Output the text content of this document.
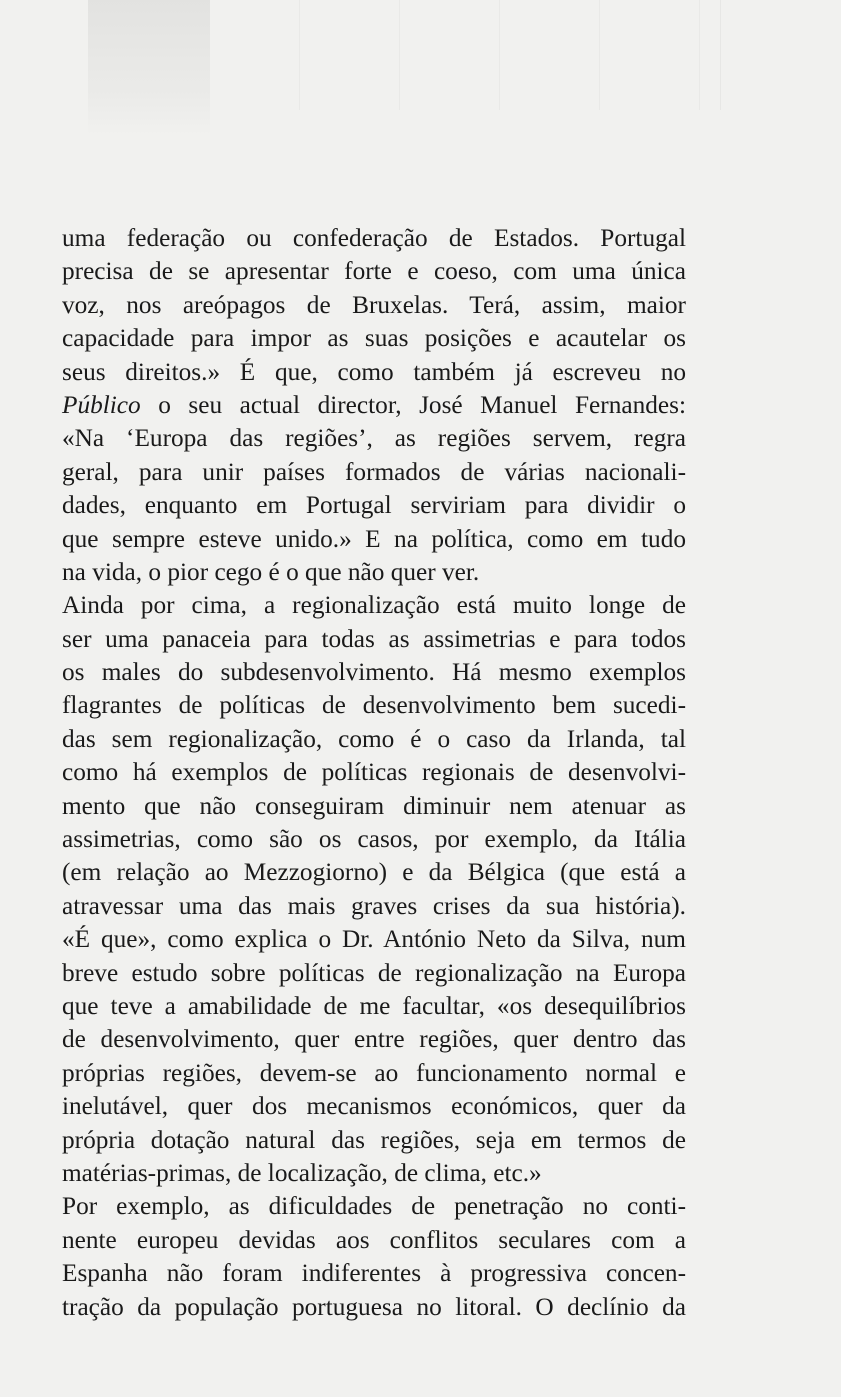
uma federação ou confederação de Estados. Portugal
precisa de se apresentar forte e coeso, com uma única
voz, nos areópagos de Bruxelas. Terá, assim, maior
capacidade para impor as suas posições e acautelar os
seus direitos.» É que, como também já escreveu no
Público o seu actual director, José Manuel Fernandes:
«Na ‘Europa das regiões’, as regiões servem, regra
geral, para unir países formados de várias nacionali-
dades, enquanto em Portugal serviriam para dividir o
que sempre esteve unido.» E na política, como em tudo
na vida, o pior cego é o que não quer ver.
Ainda por cima, a regionalização está muito longe de
ser uma panaceia para todas as assimetrias e para todos
os males do subdesenvolvimento. Há mesmo exemplos
flagrantes de políticas de desenvolvimento bem sucedi-
das sem regionalização, como é o caso da Irlanda, tal
como há exemplos de políticas regionais de desenvolvi-
mento que não conseguiram diminuir nem atenuar as
assimetrias, como são os casos, por exemplo, da Itália
(em relação ao Mezzogiorno) e da Bélgica (que está a
atravessar uma das mais graves crises da sua história).
«É que», como explica o Dr. António Neto da Silva, num
breve estudo sobre políticas de regionalização na Europa
que teve a amabilidade de me facultar, «os desequilíbrios
de desenvolvimento, quer entre regiões, quer dentro das
próprias regiões, devem-se ao funcionamento normal e
inelutável, quer dos mecanismos económicos, quer da
própria dotação natural das regiões, seja em termos de
matérias-primas, de localização, de clima, etc.»
Por exemplo, as dificuldades de penetração no conti-
nente europeu devidas aos conflitos seculares com a
Espanha não foram indiferentes à progressiva concen-
tração da população portuguesa no litoral. O declínio da
